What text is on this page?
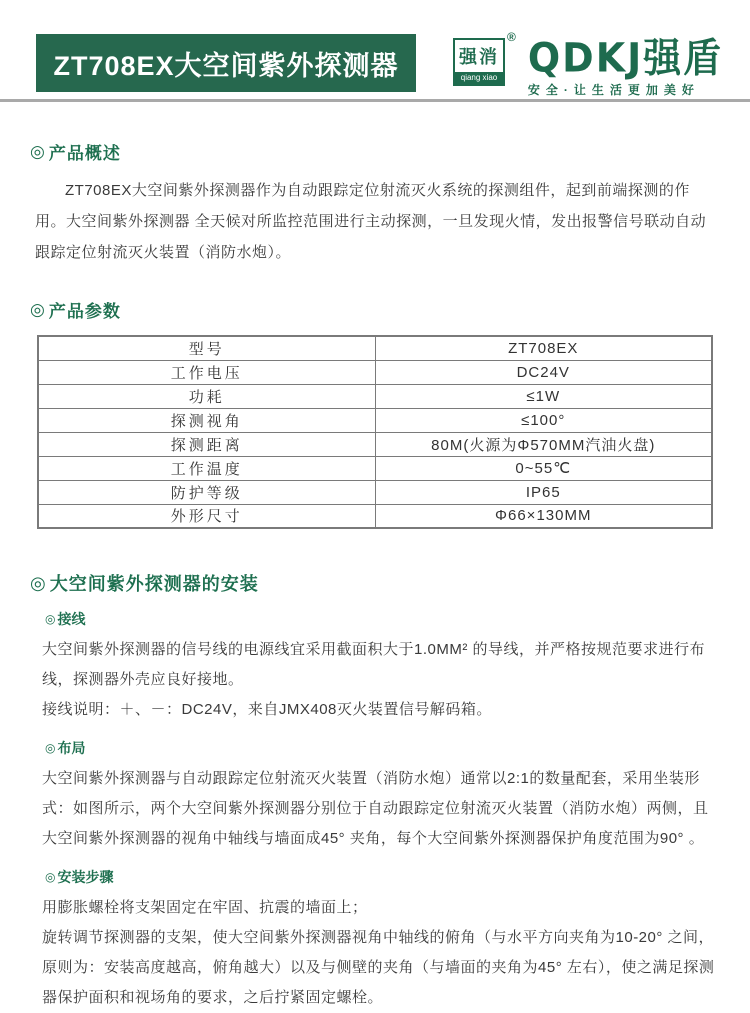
ZT708EX大空间紫外探测器	强消
qiang xiao
® QDKJ强盾
安全·让生活更加美好
◎ 产品概述

ZT708EX大空间紫外探测器作为自动跟踪定位射流灭火系统的探测组件，起到前端探测的作用。大空间紫外探测器 全天候对所监控范围进行主动探测，一旦发现火情，发出报警信号联动自动跟踪定位射流灭火装置（消防水炮）。

◎ 产品参数
型号	ZT708EX
工作电压	DC24V
功耗	≤1W
探测视角	≤100°
探测距离	80M(火源为Φ570MM汽油火盘)
工作温度	0~55℃
防护等级	IP65
外形尺寸	Φ66×130MM
◎ 大空间紫外探测器的安装
◎ 接线

大空间紫外探测器的信号线的电源线宜采用截面积大于1.0MM² 的导线，并严格按规范要求进行布线，探测器外壳应良好接地。

接线说明：＋、－：DC24V，来自JMX408灭火装置信号解码箱。

◎ 布局

大空间紫外探测器与自动跟踪定位射流灭火装置（消防水炮）通常以2:1的数量配套，采用坐装形式：如图所示，两个大空间紫外探测器分别位于自动跟踪定位射流灭火装置（消防水炮）两侧，且大空间紫外探测器的视角中轴线与墙面成45° 夹角，每个大空间紫外探测器保护角度范围为90° 。

◎ 安装步骤

用膨胀螺栓将支架固定在牢固、抗震的墙面上；

旋转调节探测器的支架，使大空间紫外探测器视角中轴线的俯角（与水平方向夹角为10-20° 之间，原则为：安装高度越高，俯角越大）以及与侧壁的夹角（与墙面的夹角为45° 左右），使之满足探测器保护面积和视场角的要求，之后拧紧固定螺栓。
